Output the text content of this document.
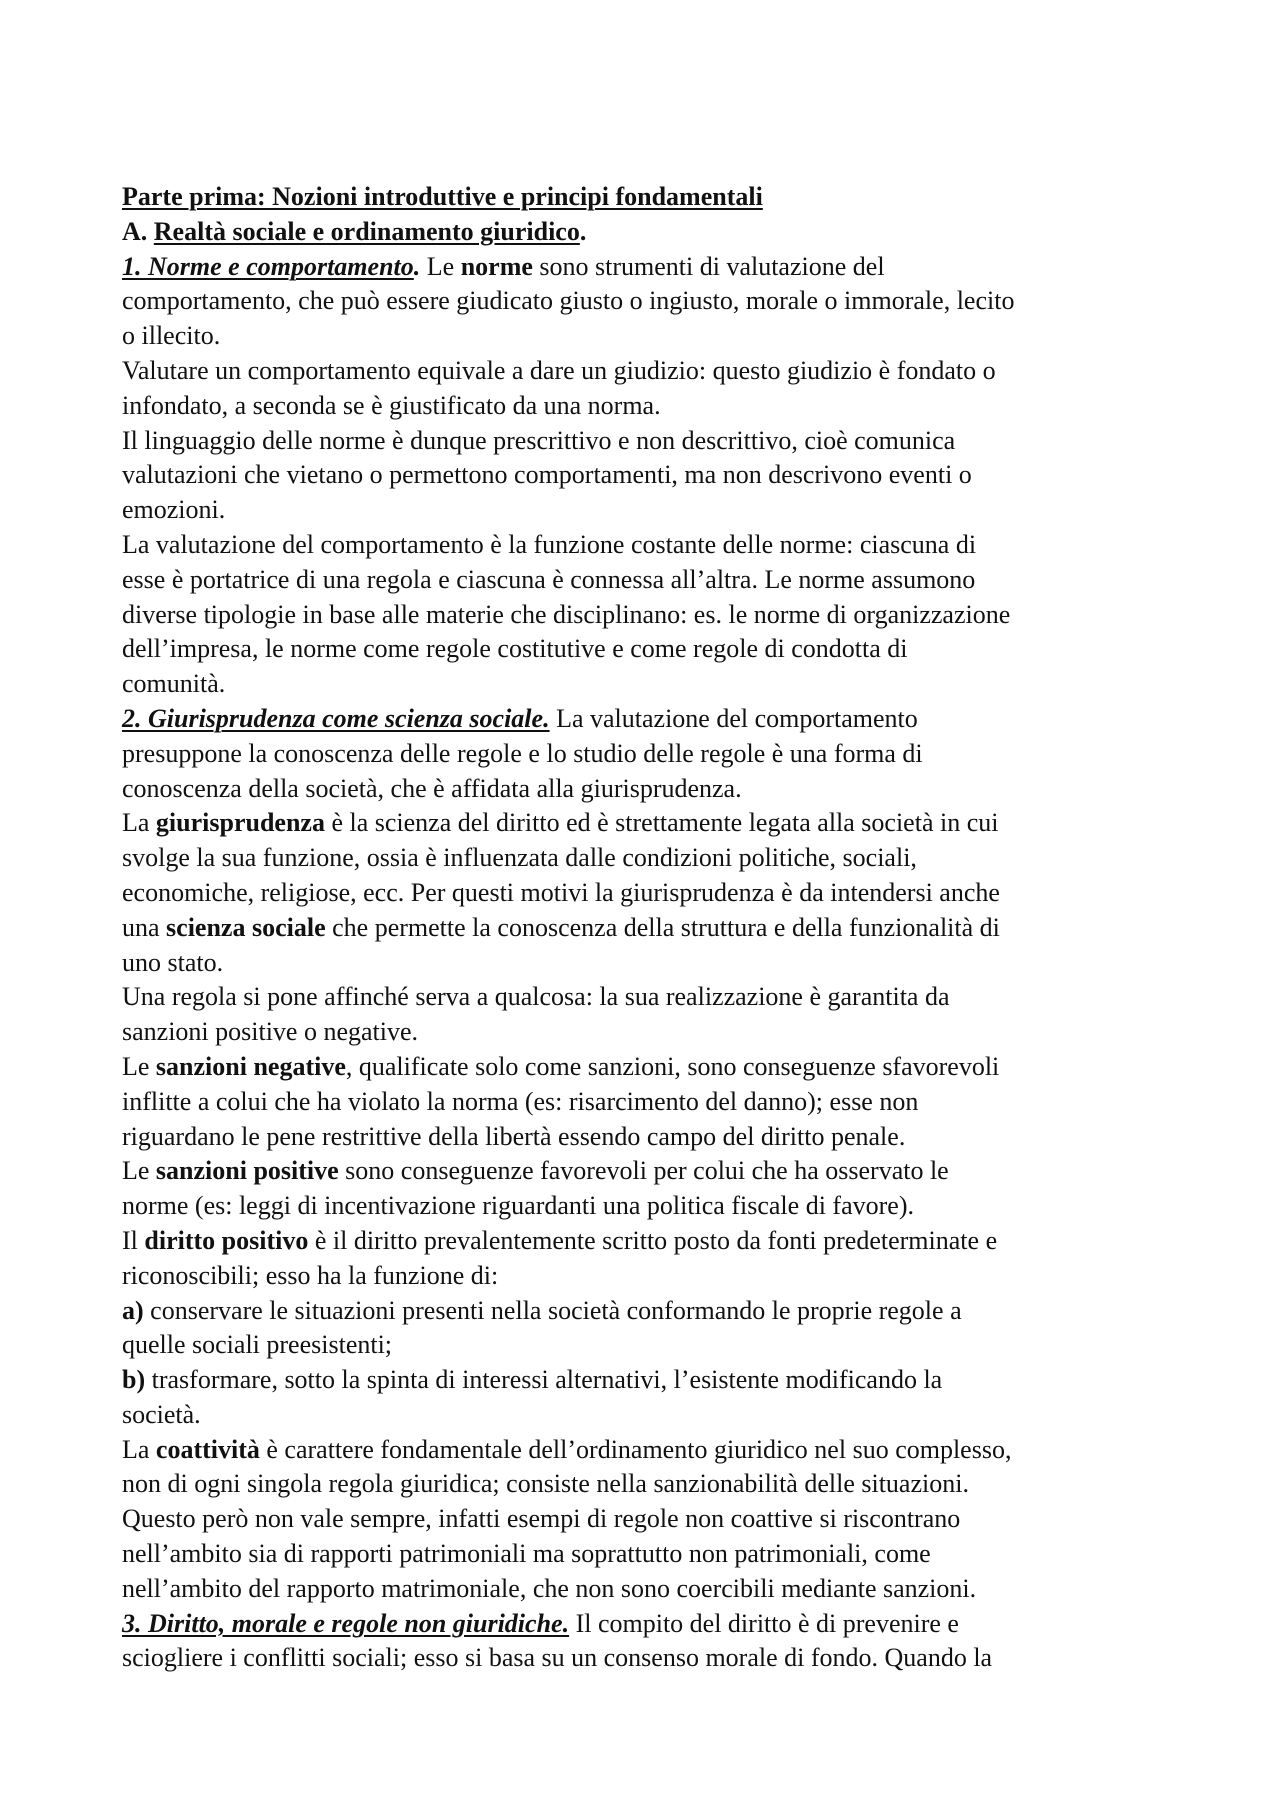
Parte prima: Nozioni introduttive e principi fondamentali
A. Realtà sociale e ordinamento giuridico.
1. Norme e comportamento. Le norme sono strumenti di valutazione del
comportamento, che può essere giudicato giusto o ingiusto, morale o immorale, lecito
o illecito.
Valutare un comportamento equivale a dare un giudizio: questo giudizio è fondato o
infondato, a seconda se è giustificato da una norma.
Il linguaggio delle norme è dunque prescrittivo e non descrittivo, cioè comunica
valutazioni che vietano o permettono comportamenti, ma non descrivono eventi o
emozioni.
La valutazione del comportamento è la funzione costante delle norme: ciascuna di
esse è portatrice di una regola e ciascuna è connessa all’altra. Le norme assumono
diverse tipologie in base alle materie che disciplinano: es. le norme di organizzazione
dell’impresa, le norme come regole costitutive e come regole di condotta di
comunità.
2. Giurisprudenza come scienza sociale. La valutazione del comportamento
presuppone la conoscenza delle regole e lo studio delle regole è una forma di
conoscenza della società, che è affidata alla giurisprudenza.
La giurisprudenza è la scienza del diritto ed è strettamente legata alla società in cui
svolge la sua funzione, ossia è influenzata dalle condizioni politiche, sociali,
economiche, religiose, ecc. Per questi motivi la giurisprudenza è da intendersi anche
una scienza sociale che permette la conoscenza della struttura e della funzionalità di
uno stato.
Una regola si pone affinché serva a qualcosa: la sua realizzazione è garantita da
sanzioni positive o negative.
Le sanzioni negative, qualificate solo come sanzioni, sono conseguenze sfavorevoli
inflitte a colui che ha violato la norma (es: risarcimento del danno); esse non
riguardano le pene restrittive della libertà essendo campo del diritto penale.
Le sanzioni positive sono conseguenze favorevoli per colui che ha osservato le
norme (es: leggi di incentivazione riguardanti una politica fiscale di favore).
Il diritto positivo è il diritto prevalentemente scritto posto da fonti predeterminate e
riconoscibili; esso ha la funzione di:
a) conservare le situazioni presenti nella società conformando le proprie regole a
quelle sociali preesistenti;
b) trasformare, sotto la spinta di interessi alternativi, l’esistente modificando la
società.
La coattività è carattere fondamentale dell’ordinamento giuridico nel suo complesso,
non di ogni singola regola giuridica; consiste nella sanzionabilità delle situazioni.
Questo però non vale sempre, infatti esempi di regole non coattive si riscontrano
nell’ambito sia di rapporti patrimoniali ma soprattutto non patrimoniali, come
nell’ambito del rapporto matrimoniale, che non sono coercibili mediante sanzioni.
3. Diritto, morale e regole non giuridiche. Il compito del diritto è di prevenire e
sciogliere i conflitti sociali; esso si basa su un consenso morale di fondo. Quando la
